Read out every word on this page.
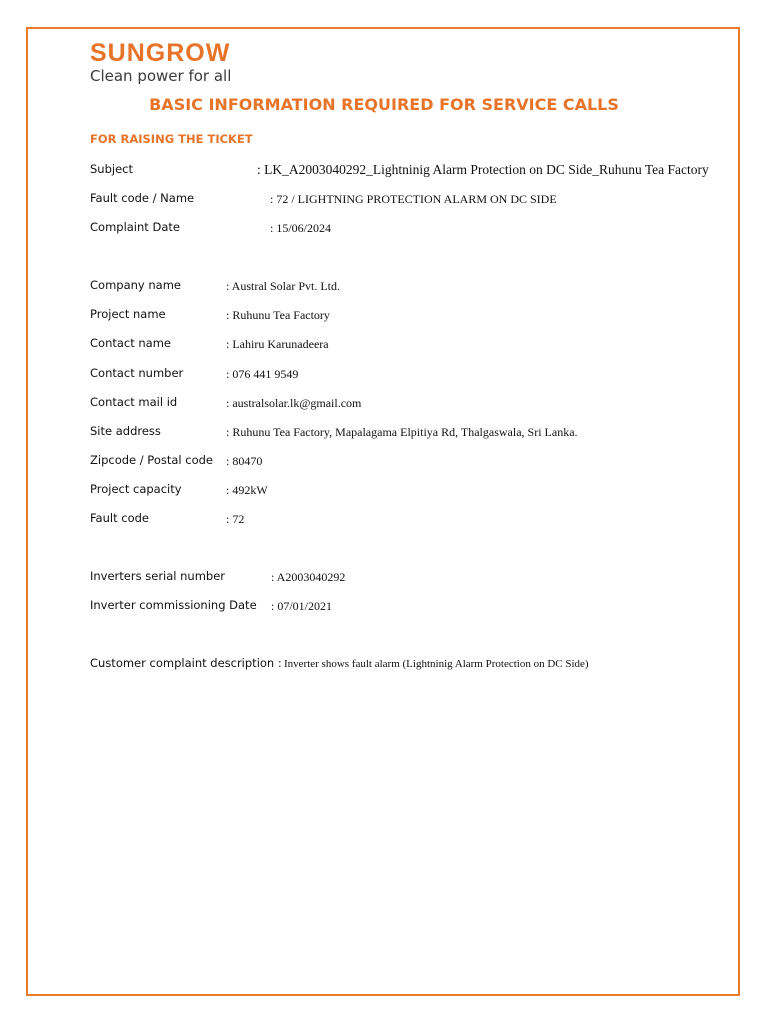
SUNGROW
Clean power for all
BASIC INFORMATION REQUIRED FOR SERVICE CALLS
FOR RAISING THE TICKET
Subject	: LK_A2003040292_Lightninig Alarm Protection on DC Side_Ruhunu Tea Factory
Fault code / Name	: 72 / LIGHTNING PROTECTION ALARM ON DC SIDE
Complaint Date	: 15/06/2024
Company name	: Austral Solar Pvt. Ltd.
Project name	: Ruhunu Tea Factory
Contact name	: Lahiru Karunadeera
Contact number	: 076 441 9549
Contact mail id	: australsolar.lk@gmail.com
Site address	: Ruhunu Tea Factory, Mapalagama Elpitiya Rd, Thalgaswala, Sri Lanka.
Zipcode / Postal code : 80470
Project capacity	: 492kW
Fault code	: 72
Inverters serial number	: A2003040292
Inverter commissioning Date : 07/01/2021
Customer complaint description : Inverter shows fault alarm (Lightninig Alarm Protection on DC Side)
